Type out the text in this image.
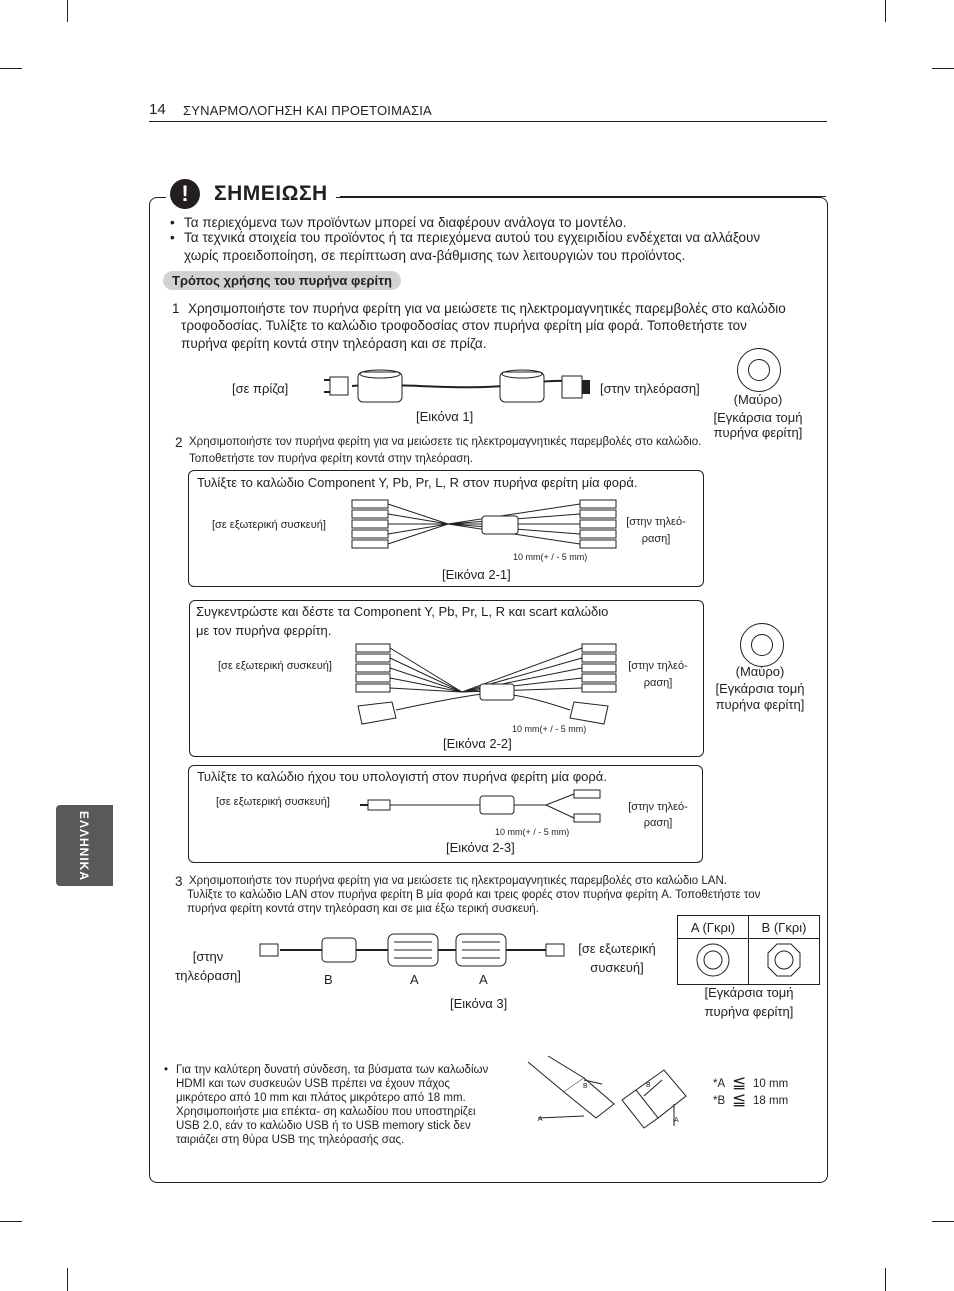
14 ΣΥΝΑΡΜΟΛΟΓΗΣΗ ΚΑΙ ΠΡΟΕΤΟΙΜΑΣΙΑ
ΕΛΛΗΝΙΚΑ
!	ΣΗΜΕΙΩΣΗ
• Τα περιεχόμενα των προϊόντων μπορεί να διαφέρουν ανάλογα το μοντέλο.
• Τα τεχνικά στοιχεία του προϊόντος ή τα περιεχόμενα αυτού του εγχειριδίου ενδέχεται να αλλάξουν
χωρίς προειδοποίηση, σε περίπτωση ανα-βάθμισης των λειτουργιών του προϊόντος.
Τρόπος χρήσης του πυρήνα φερίτη
1 Χρησιμοποιήστε τον πυρήνα φερίτη για να μειώσετε τις ηλεκτρομαγνητικές παρεμβολές στο καλώδιο
τροφοδοσίας. Τυλίξτε το καλώδιο τροφοδοσίας στον πυρήνα φερίτη μία φορά. Τοποθετήστε τον
πυρήνα φερίτη κοντά στην τηλεόραση και σε πρίζα.
[σε πρίζα]	[στην τηλεόραση]
[Εικόνα 1]
(Μαύρο)
[Εγκάρσια τομή
πυρήνα φερίτη]
2 Χρησιμοποιήστε τον πυρήνα φερίτη για να μειώσετε τις ηλεκτρομαγνητικές παρεμβολές στο καλώδιο.
Τοποθετήστε τον πυρήνα φερίτη κοντά στην τηλεόραση.
Τυλίξτε το καλώδιο Component Y, Pb, Pr, L, R στον πυρήνα φερίτη μία φορά.
[σε εξωτερική συσκευή]	[στην τηλεό-
ραση]
10 mm(+ / - 5 mm)
[Εικόνα 2-1]
Συγκεντρώστε και δέστε τα Component Y, Pb, Pr, L, R και scart καλώδιο
με τον πυρήνα φερρίτη.
[σε εξωτερική συσκευή]	[στην τηλεό-
ραση]
10 mm(+ / - 5 mm)
[Εικόνα 2-2]
(Μαύρο)
[Εγκάρσια τομή
πυρήνα φερίτη]
Τυλίξτε το καλώδιο ήχου του υπολογιστή στον πυρήνα φερίτη μία φορά.
[σε εξωτερική συσκευή]	[στην τηλεό-
ραση]
10 mm(+ / - 5 mm)
[Εικόνα 2-3]
3 Χρησιμοποιήστε τον πυρήνα φερίτη για να μειώσετε τις ηλεκτρομαγνητικές παρεμβολές στο καλώδιο LAN.
Τυλίξτε το καλώδιο LAN στον πυρήνα φερίτη B μία φορά και τρεις φορές στον πυρήνα φερίτη A. Τοποθετήστε τον
πυρήνα φερίτη κοντά στην τηλεόραση και σε μια έξω τερική συσκευή.
[στην
τηλεόραση]	B	A	A
[σε εξωτερική
συσκευή]
[Εικόνα 3]
A (Γκρι)	B (Γκρι)

[Εγκάρσια τομή
πυρήνα φερίτη]
• Για την καλύτερη δυνατή σύνδεση, τα βύσματα των καλωδίων
HDMI και των συσκευών USB πρέπει να έχουν πάχος
μικρότερο από 10 mm και πλάτος μικρότερο από 18 mm.
Χρησιμοποιήστε μια επέκτα- ση καλωδίου που υποστηρίζει
USB 2.0, εάν το καλώδιο USB ή το USB memory stick δεν
ταιριάζει στη θύρα USB της τηλεόρασής σας.
B
A
B
A
*A ≦ 10 mm
*B ≦ 18 mm
